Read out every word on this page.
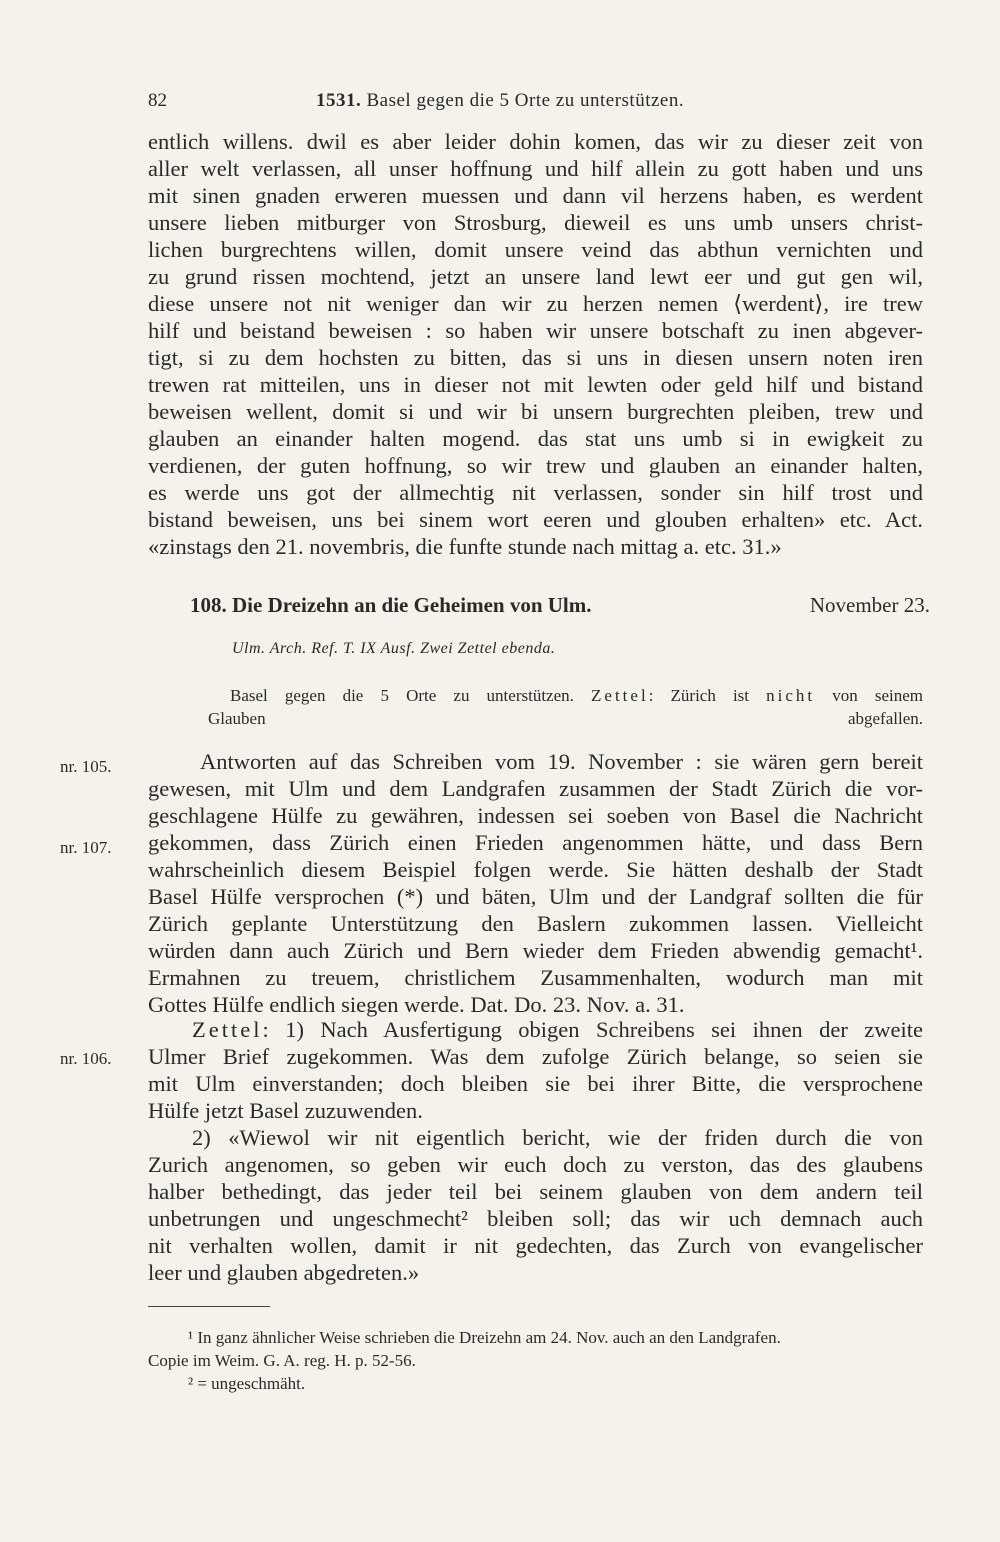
82	1531. Basel gegen die 5 Orte zu unterstützen.
entlich willens. dwil es aber leider dohin komen, das wir zu dieser zeit von
aller welt verlassen, all unser hoffnung und hilf allein zu gott haben und uns
mit sinen gnaden erweren muessen und dann vil herzens haben, es werdent
unsere lieben mitburger von Strosburg, dieweil es uns umb unsers christ-
lichen burgrechtens willen, domit unsere veind das abthun vernichten und
zu grund rissen mochtend, jetzt an unsere land lewt eer und gut gen wil,
diese unsere not nit weniger dan wir zu herzen nemen ⟨werdent⟩, ire trew
hilf und beistand beweisen : so haben wir unsere botschaft zu inen abgever-
tigt, si zu dem hochsten zu bitten, das si uns in diesen unsern noten iren
trewen rat mitteilen, uns in dieser not mit lewten oder geld hilf und bistand
beweisen wellent, domit si und wir bi unsern burgrechten pleiben, trew und
glauben an einander halten mogend. das stat uns umb si in ewigkeit zu
verdienen, der guten hoffnung, so wir trew und glauben an einander halten,
es werde uns got der allmechtig nit verlassen, sonder sin hilf trost und
bistand beweisen, uns bei sinem wort eeren und glouben erhalten» etc. Act.
«zinstags den 21. novembris, die funfte stunde nach mittag a. etc. 31.»
108. Die Dreizehn an die Geheimen von Ulm.	November 23.
Ulm. Arch. Ref. T. IX Ausf. Zwei Zettel ebenda.
Basel gegen die 5 Orte zu unterstützen. Zettel: Zürich ist nicht von seinem
Glauben abgefallen.
nr. 105.
nr. 107.
nr. 106.
Antworten auf das Schreiben vom 19. November : sie wären gern bereit
gewesen, mit Ulm und dem Landgrafen zusammen der Stadt Zürich die vor-
geschlagene Hülfe zu gewähren, indessen sei soeben von Basel die Nachricht
gekommen, dass Zürich einen Frieden angenommen hätte, und dass Bern
wahrscheinlich diesem Beispiel folgen werde. Sie hätten deshalb der Stadt
Basel Hülfe versprochen (*) und bäten, Ulm und der Landgraf sollten die für
Zürich geplante Unterstützung den Baslern zukommen lassen. Vielleicht
würden dann auch Zürich und Bern wieder dem Frieden abwendig gemacht¹.
Ermahnen zu treuem, christlichem Zusammenhalten, wodurch man mit
Gottes Hülfe endlich siegen werde. Dat. Do. 23. Nov. a. 31.
Zettel: 1) Nach Ausfertigung obigen Schreibens sei ihnen der zweite
Ulmer Brief zugekommen. Was dem zufolge Zürich belange, so seien sie
mit Ulm einverstanden; doch bleiben sie bei ihrer Bitte, die versprochene
Hülfe jetzt Basel zuzuwenden.
2) «Wiewol wir nit eigentlich bericht, wie der friden durch die von
Zurich angenomen, so geben wir euch doch zu verston, das des glaubens
halber bethedingt, das jeder teil bei seinem glauben von dem andern teil
unbetrungen und ungeschmecht² bleiben soll; das wir uch demnach auch
nit verhalten wollen, damit ir nit gedechten, das Zurch von evangelischer
leer und glauben abgedreten.»
¹ In ganz ähnlicher Weise schrieben die Dreizehn am 24. Nov. auch an den Landgrafen.
Copie im Weim. G. A. reg. H. p. 52-56.
² = ungeschmäht.
